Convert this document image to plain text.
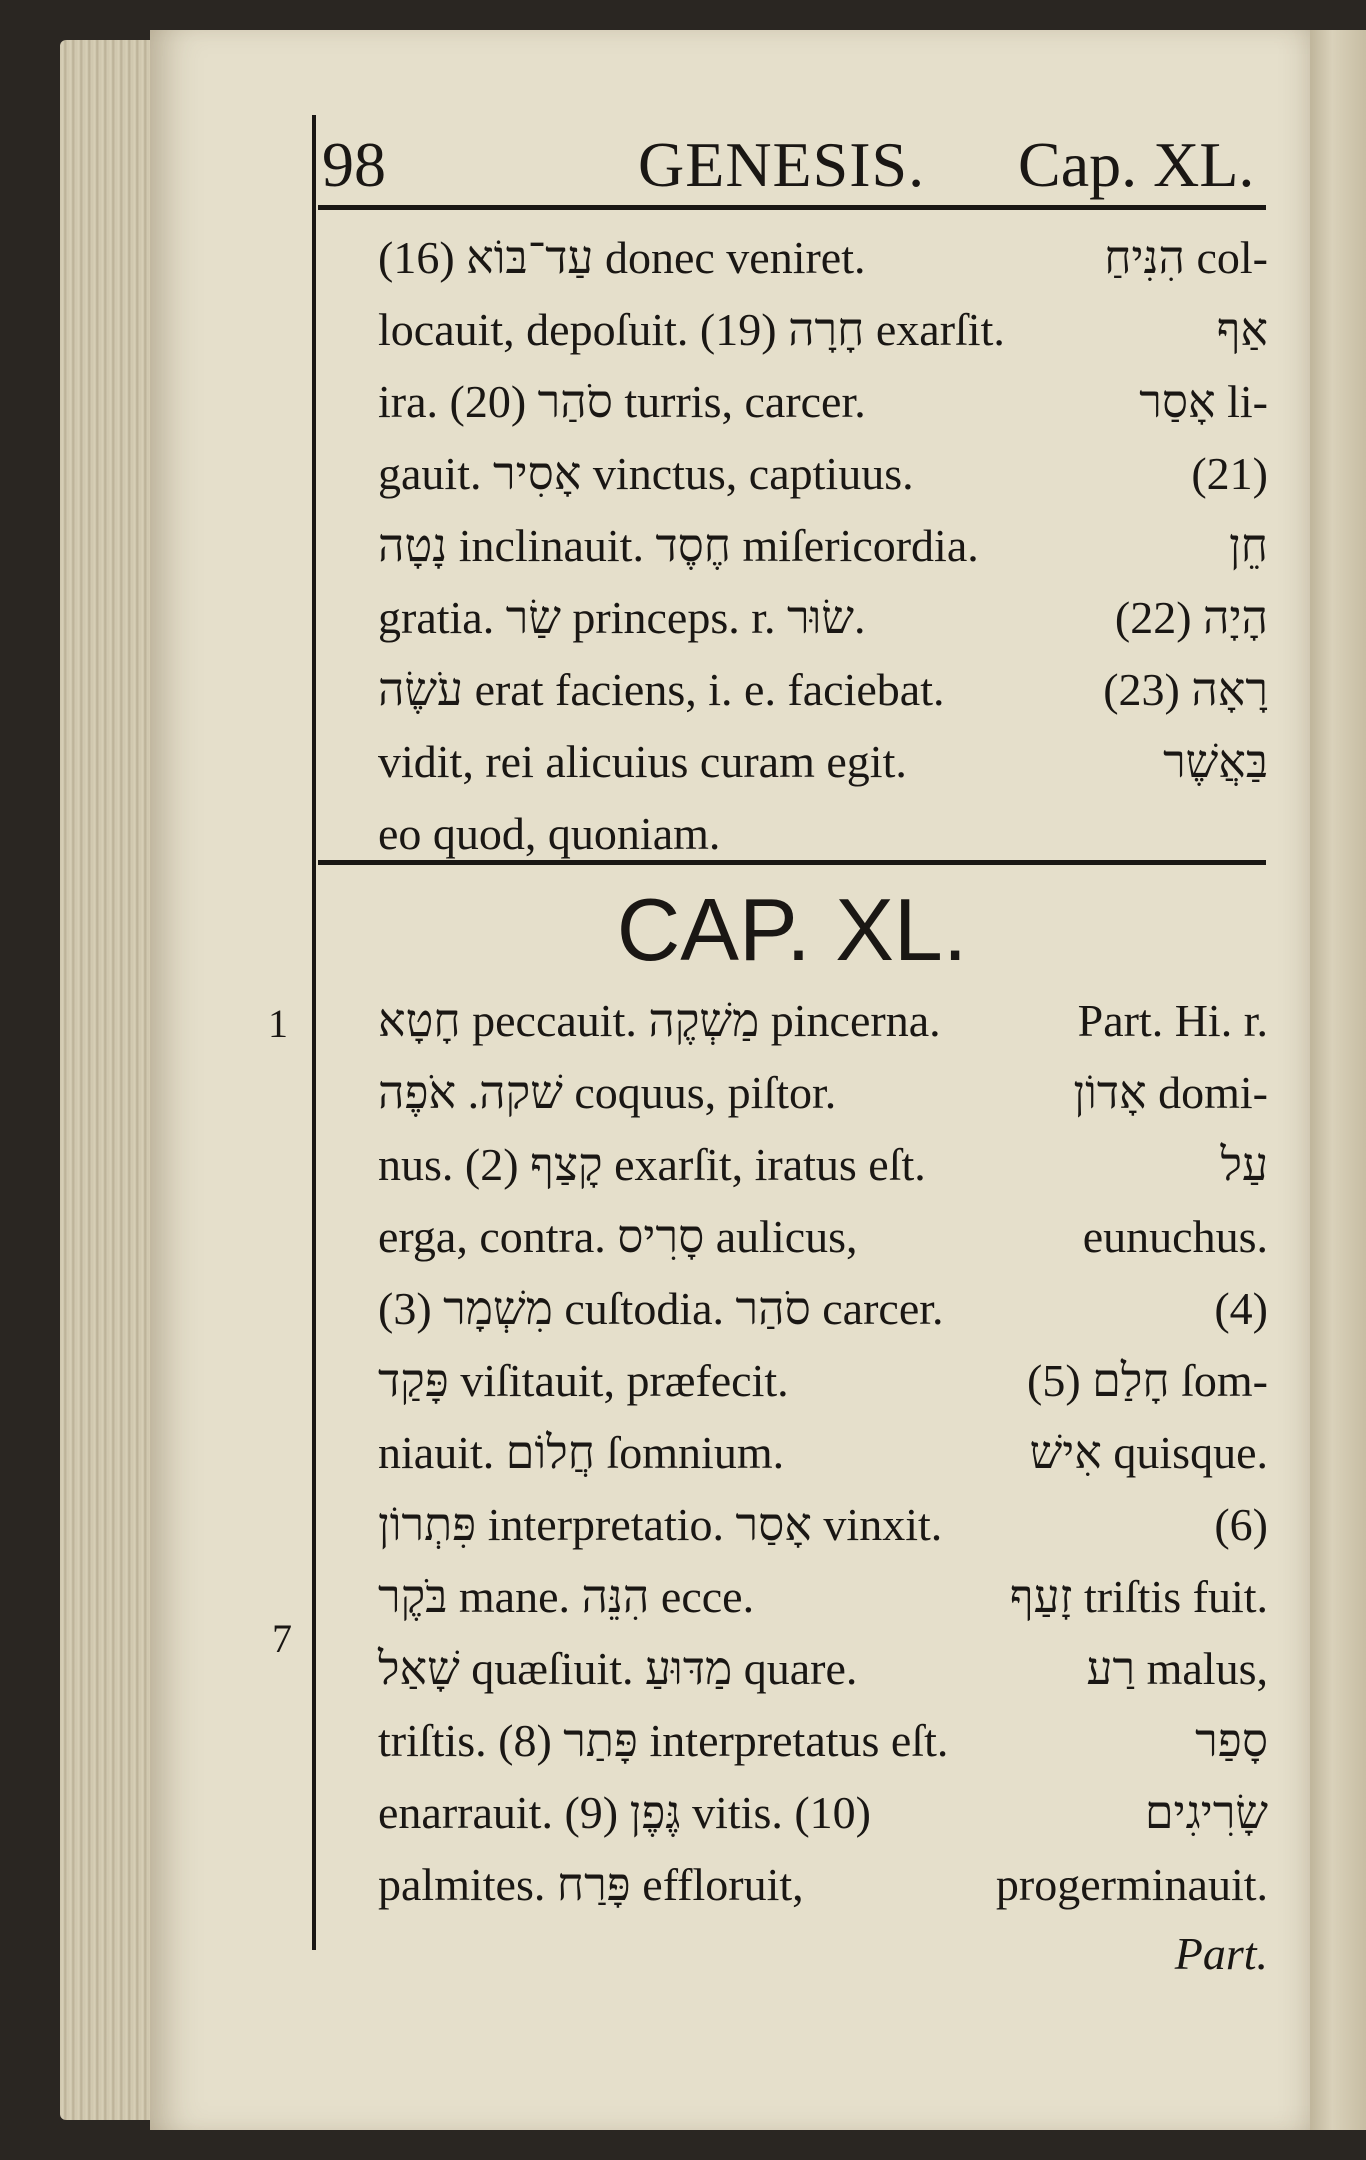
98	GENESIS. Cap. XL.
(16) עַד־בּוֹא donec veniret.	הִנִּיחַ col-
locauit, depoſuit. (19) חָרָה exarſit.	אַף
ira. (20) סֹהַר turris, carcer.	אָסַר li-
gauit. אָסִיר vinctus, captiuus.	(21)
נָטָה inclinauit. חֶסֶד miſericordia.	חֵן
gratia. שַׂר princeps. r. שׂוּר.	(22) הָיָה
עֹשֶׂה erat faciens, i. e. faciebat.	(23) רָאָה
vidit, rei alicuius curam egit.	בַּאֲשֶׁר
eo quod, quoniam.
CAP. XL.
1
7
חָטָא peccauit. מַשְׁקֶה pincerna.	Part. Hi. r.
שׁקה. אֹפֶה coquus, piſtor.	אָדוֹן domi-
nus. (2) קָצַף exarſit, iratus eſt.	עַל
erga, contra. סָרִיס aulicus,	eunuchus.
(3) מִשְׁמָר cuſtodia. סֹהַר carcer.	(4)
פָּקַד viſitauit, præfecit.	(5) חָלַם ſom-
niauit. חֲלוֹם ſomnium.	אִישׁ quisque.
פִּתְרוֹן interpretatio. אָסַר vinxit.	(6)
בֹּקֶר mane. הִנֵּה ecce.	זָעַף triſtis fuit.
שָׁאַל quæſiuit. מַדּוּעַ quare.	רַע malus,
triſtis. (8) פָּתַר interpretatus eſt.	סָפַר
enarrauit. (9) גֶּפֶן vitis. (10)	שָׂרִיגִים
palmites. פָּרַח effloruit,	progerminauit.
Part.
